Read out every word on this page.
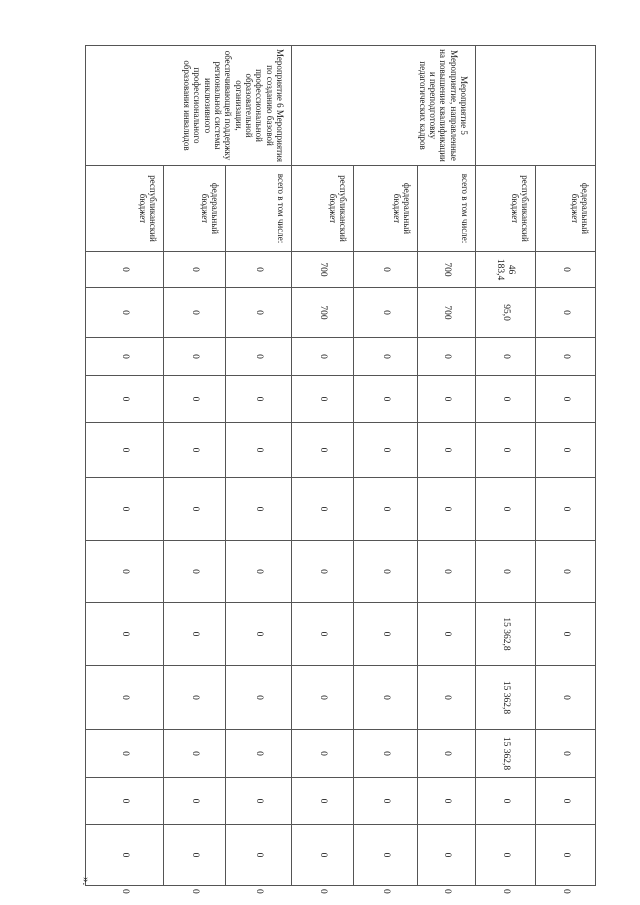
	федеральный бюджет	0	0	0	0	0	0	0	0	0	0	0	0	0
	республиканский бюджет	46 183,4	95,0	0	0	0	0	0	15 362,8	15 362,8	15 362,8	0	0	0
Мероприятие 5 Мероприятие, направленные на повышение квалификации и переподготовку педагогических кадров	всего в том числе:	700	700	0	0	0	0	0	0	0	0	0	0	0
	федеральный бюджет	0	0	0	0	0	0	0	0	0	0	0	0	0
	республиканский бюджет	700	700	0	0	0	0	0	0	0	0	0	0	0
Мероприятие 6 Мероприятия по созданию базовой профессиональной образовательной организации, обеспечивающей поддержку региональной системы инклюзивного профессионального образования инвалидов	всего в том числе:	0	0	0	0	0	0	0	0	0	0	0	0	0
	федеральный бюджет	0	0	0	0	0	0	0	0	0	0	0	0	0
	республиканский бюджет	0	0	0	0	0	0	0	0	0	0	0	0	0
».
